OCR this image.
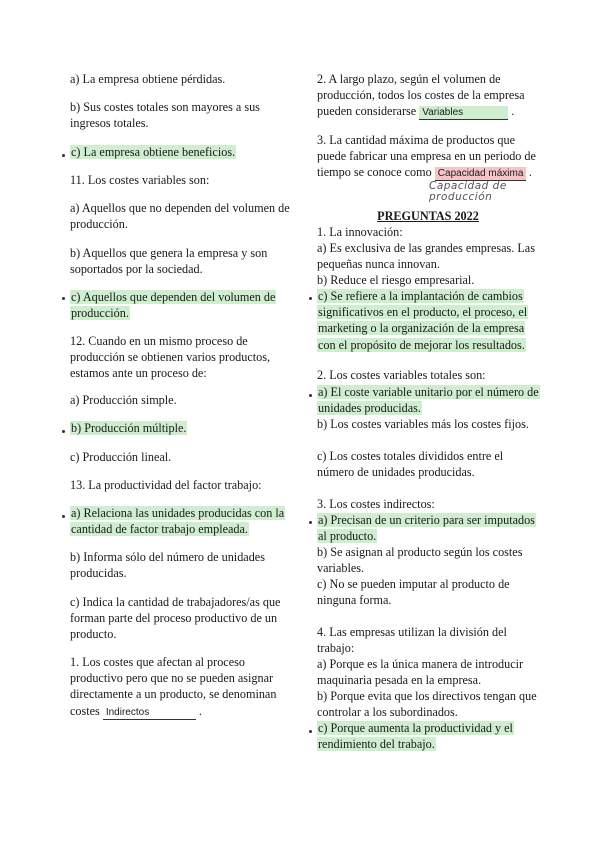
a) La empresa obtiene pérdidas.
b) Sus costes totales son mayores a sus ingresos totales.
c) La empresa obtiene beneficios.
11. Los costes variables son:
a) Aquellos que no dependen del volumen de producción.
b) Aquellos que genera la empresa y son soportados por la sociedad.
c) Aquellos que dependen del volumen de producción.
12. Cuando en un mismo proceso de producción se obtienen varios productos, estamos ante un proceso de:
a) Producción simple.
b) Producción múltiple.
c) Producción lineal.
13. La productividad del factor trabajo:
a) Relaciona las unidades producidas con la cantidad de factor trabajo empleada.
b) Informa sólo del número de unidades producidas.
c) Indica la cantidad de trabajadores/as que forman parte del proceso productivo de un producto.
1. Los costes que afectan al proceso productivo pero que no se pueden asignar directamente a un producto, se denominan costes Indirectos	.
2. A largo plazo, según el volumen de producción, todos los costes de la empresa pueden considerarse Variables	.
3. La cantidad máxima de productos que puede fabricar una empresa en un periodo de tiempo se conoce como Capacidad máxima .
Capacidad de producción
PREGUNTAS 2022
1. La innovación:
a) Es exclusiva de las grandes empresas. Las pequeñas nunca innovan.
b) Reduce el riesgo empresarial.
c) Se refiere a la implantación de cambios significativos en el producto, el proceso, el marketing o la organización de la empresa con el propósito de mejorar los resultados.
2. Los costes variables totales son:
a) El coste variable unitario por el número de unidades producidas.
b) Los costes variables más los costes fijos.
c) Los costes totales divididos entre el número de unidades producidas.
3. Los costes indirectos:
a) Precisan de un criterio para ser imputados al producto.
b) Se asignan al producto según los costes variables.
c) No se pueden imputar al producto de ninguna forma.
4. Las empresas utilizan la división del trabajo:
a) Porque es la única manera de introducir maquinaria pesada en la empresa.
b) Porque evita que los directivos tengan que controlar a los subordinados.
c) Porque aumenta la productividad y el rendimiento del trabajo.
